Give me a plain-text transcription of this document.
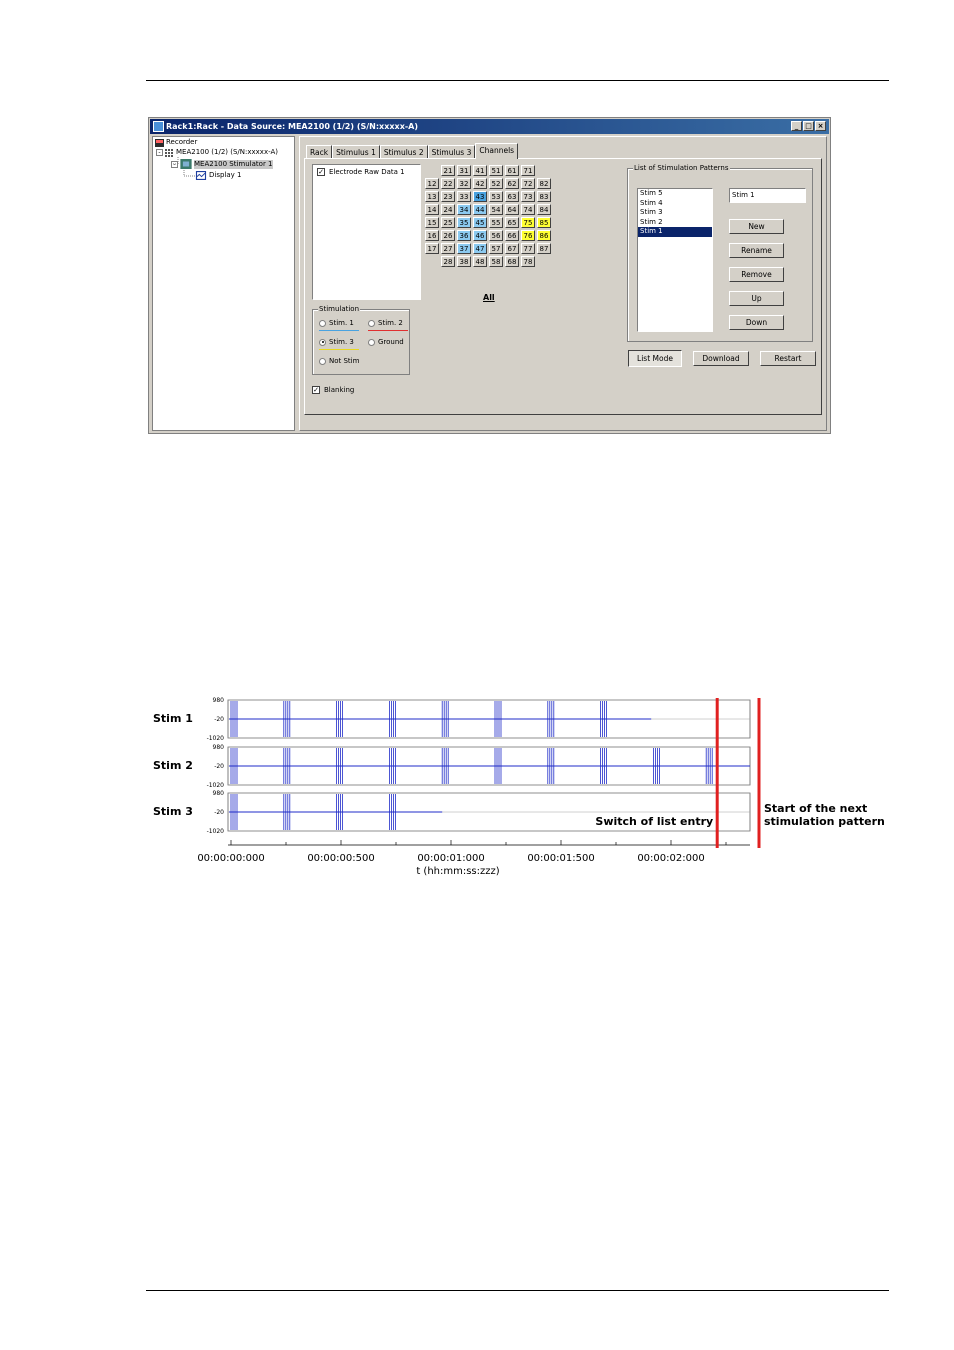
Rack1:Rack - Data Source: MEA2100 (1/2) (S/N:xxxxx-A)	_ □ ×
Recorder
-	MEA2100 (1/2) (S/N:xxxxx-A)
-	MEA2100 Stimulator 1
Display 1
Rack	Stimulus 1	Stimulus 2	Stimulus 3	Channels
✓ Electrode Raw Data 1	21	31	41	51	61	71
12	22	32	42	52	62	72	82
13	23	33	43	53	63	73	83
14	24	34	44	54	64	74	84
15	25	35	45	55	65	75	85
16	26	36	46	56	66	76	86
17	27	37	47	57	67	77	87
28	38	48	58	68	78
All
Stimulation
Stim. 1	Stim. 2
Stim. 3	Ground
Not Stim
✓ Blanking
List of Stimulation Patterns
Stim 5
Stim 4
Stim 3
Stim 2
Stim 1
Stim 1
New
Rename
Remove
Up
Down
List Mode	Download	Restart
980
-20
-1020
Stim 1
980
-20
-1020
Stim 2
980
-20
-1020
Stim 3
00:00:00:000	00:00:00:500	00:00:01:000	00:00:01:500	00:00:02:000
t (hh:mm:ss:zzz)
Switch of list entry
Start of the next
stimulation pattern
